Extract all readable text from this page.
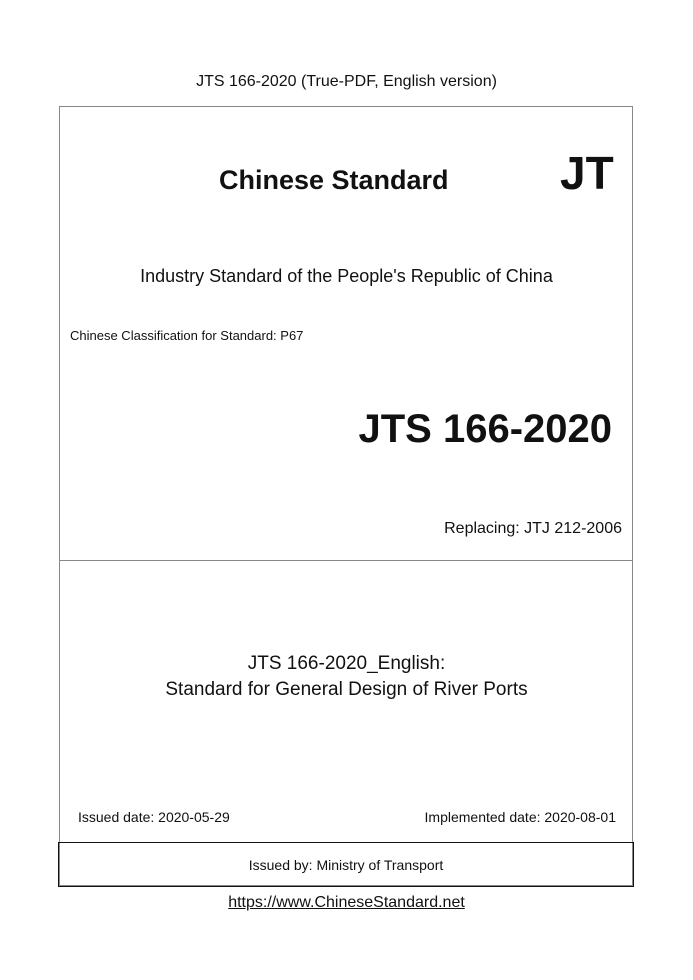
JTS 166-2020 (True-PDF, English version)
Chinese Standard JT
Industry Standard of the People's Republic of China
Chinese Classification for Standard: P67
JTS 166-2020
Replacing: JTJ 212-2006
JTS 166-2020_English:
Standard for General Design of River Ports
Issued date: 2020-05-29	Implemented date: 2020-08-01
Issued by: Ministry of Transport
https://www.ChineseStandard.net
